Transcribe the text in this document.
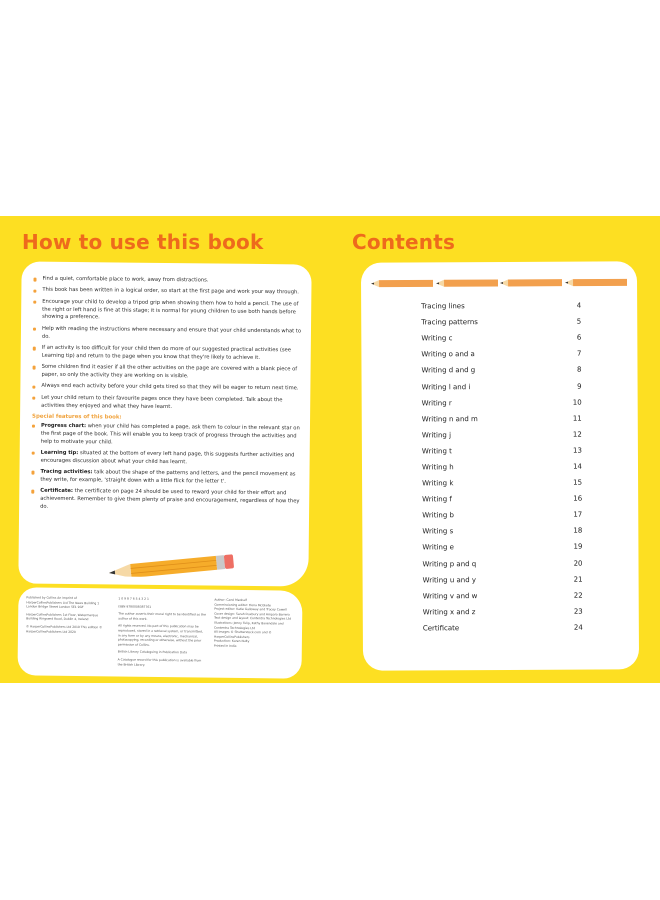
How to use this book
Find a quiet, comfortable place to work, away from distractions.
This book has been written in a logical order, so start at the first page and work your way through.
Encourage your child to develop a tripod grip when showing them how to hold a pencil. The use of the right or left hand is fine at this stage; it is normal for young children to use both hands before showing a preference.
Help with reading the instructions where necessary and ensure that your child understands what to do.
If an activity is too difficult for your child then do more of our suggested practical activities (see Learning tip) and return to the page when you know that they're likely to achieve it.
Some children find it easier if all the other activities on the page are covered with a blank piece of paper, so only the activity they are working on is visible.
Always end each activity before your child gets tired so that they will be eager to return next time.
Let your child return to their favourite pages once they have been completed. Talk about the activities they enjoyed and what they have learnt.
Special features of this book:
Progress chart: when your child has completed a page, ask them to colour in the relevant star on the first page of the book. This will enable you to keep track of progress through the activities and help to motivate your child.
Learning tip: situated at the bottom of every left hand page, this suggests further activities and encourages discussion about what your child has learnt.
Tracing activities: talk about the shape of the patterns and letters, and the pencil movement as they write, for example, 'straight down with a little flick for the letter t'.
Certificate: the certificate on page 24 should be used to reward your child for their effort and achievement. Remember to give them plenty of praise and encouragement, regardless of how they do.

Published by Collins An imprint of HarperCollinsPublishers Ltd The News Building 1 London Bridge Street London SE1 9GF

HarperCollinsPublishers 1st Floor, Watermarque Building Ringsend Road, Dublin 4, Ireland

© HarperCollinsPublishers Ltd 2019 This edition © HarperCollinsPublishers Ltd 2020

1 0 9 8 7 6 5 4 3 2 1

ISBN 9780008387761

The author asserts their moral right to be identified as the author of this work.

All rights reserved. No part of this publication may be reproduced, stored in a retrieval system, or transmitted, in any form or by any means, electronic, mechanical, photocopying, recording or otherwise, without the prior permission of Collins.

British Library Cataloguing in Publication Data

A Catalogue record for this publication is available from the British Library.

Author: Carol Medcalf

Commissioning editor: Fiona McGlade

Project editor: Katie Galloway and Tracey Cowell

Cover design: Sarah Duxbury and Amparo Barrera

Text design and layout: Contentra Technologies Ltd

Illustrations: Jenny Tulip, Kathy Baxendale and Contentra Technologies Ltd

All images © Shutterstock.com and © HarperCollinsPublishers

Production: Karen Nulty

Printed in India

Contents
Tracing lines	4
Tracing patterns	5
Writing c	6
Writing o and a	7
Writing d and g	8
Writing l and i	9
Writing r	10
Writing n and m	11
Writing j	12
Writing t	13
Writing h	14
Writing k	15
Writing f	16
Writing b	17
Writing s	18
Writing e	19
Writing p and q	20
Writing u and y	21
Writing v and w	22
Writing x and z	23
Certificate	24
